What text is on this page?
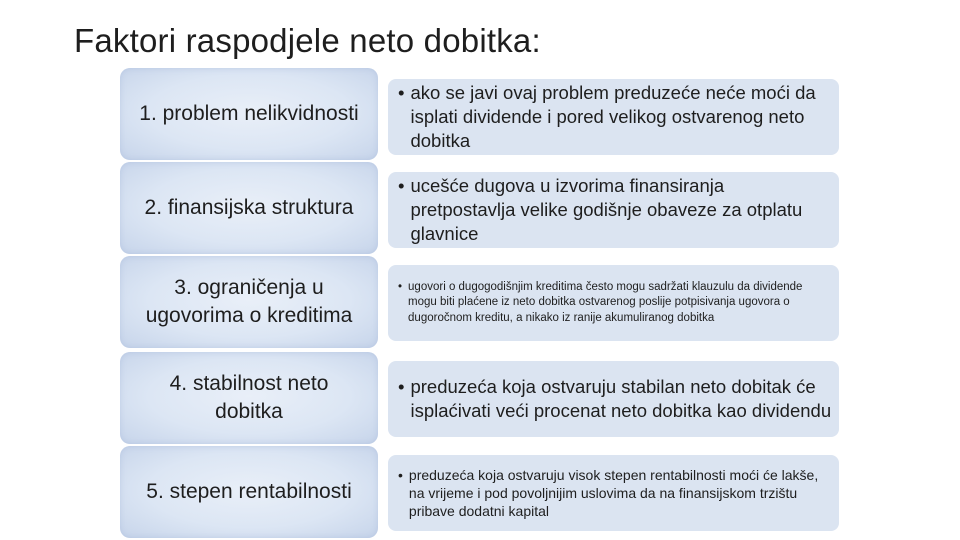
Faktori raspodjele neto dobitka:
1. problem nelikvidnosti
• ako se javi ovaj problem preduzeće neće moći da isplati dividende i pored velikog ostvarenog neto dobitka
2. finansijska struktura
• ucešće dugova u izvorima finansiranja pretpostavlja velike godišnje obaveze za otplatu glavnice
3. ograničenja u ugovorima o kreditima
• ugovori o dugogodišnjim kreditima često mogu sadržati klauzulu da dividende mogu biti plaćene iz neto dobitka ostvarenog poslije potpisivanja ugovora o dugoročnom kreditu, a nikako iz ranije akumuliranog dobitka
4. stabilnost neto dobitka
• preduzeća koja ostvaruju stabilan neto dobitak će isplaćivati veći procenat neto dobitka kao dividendu
5. stepen rentabilnosti
• preduzeća koja ostvaruju visok stepen rentabilnosti moći će lakše, na vrijeme i pod povoljnijim uslovima da na finansijskom trzištu pribave dodatni kapital
